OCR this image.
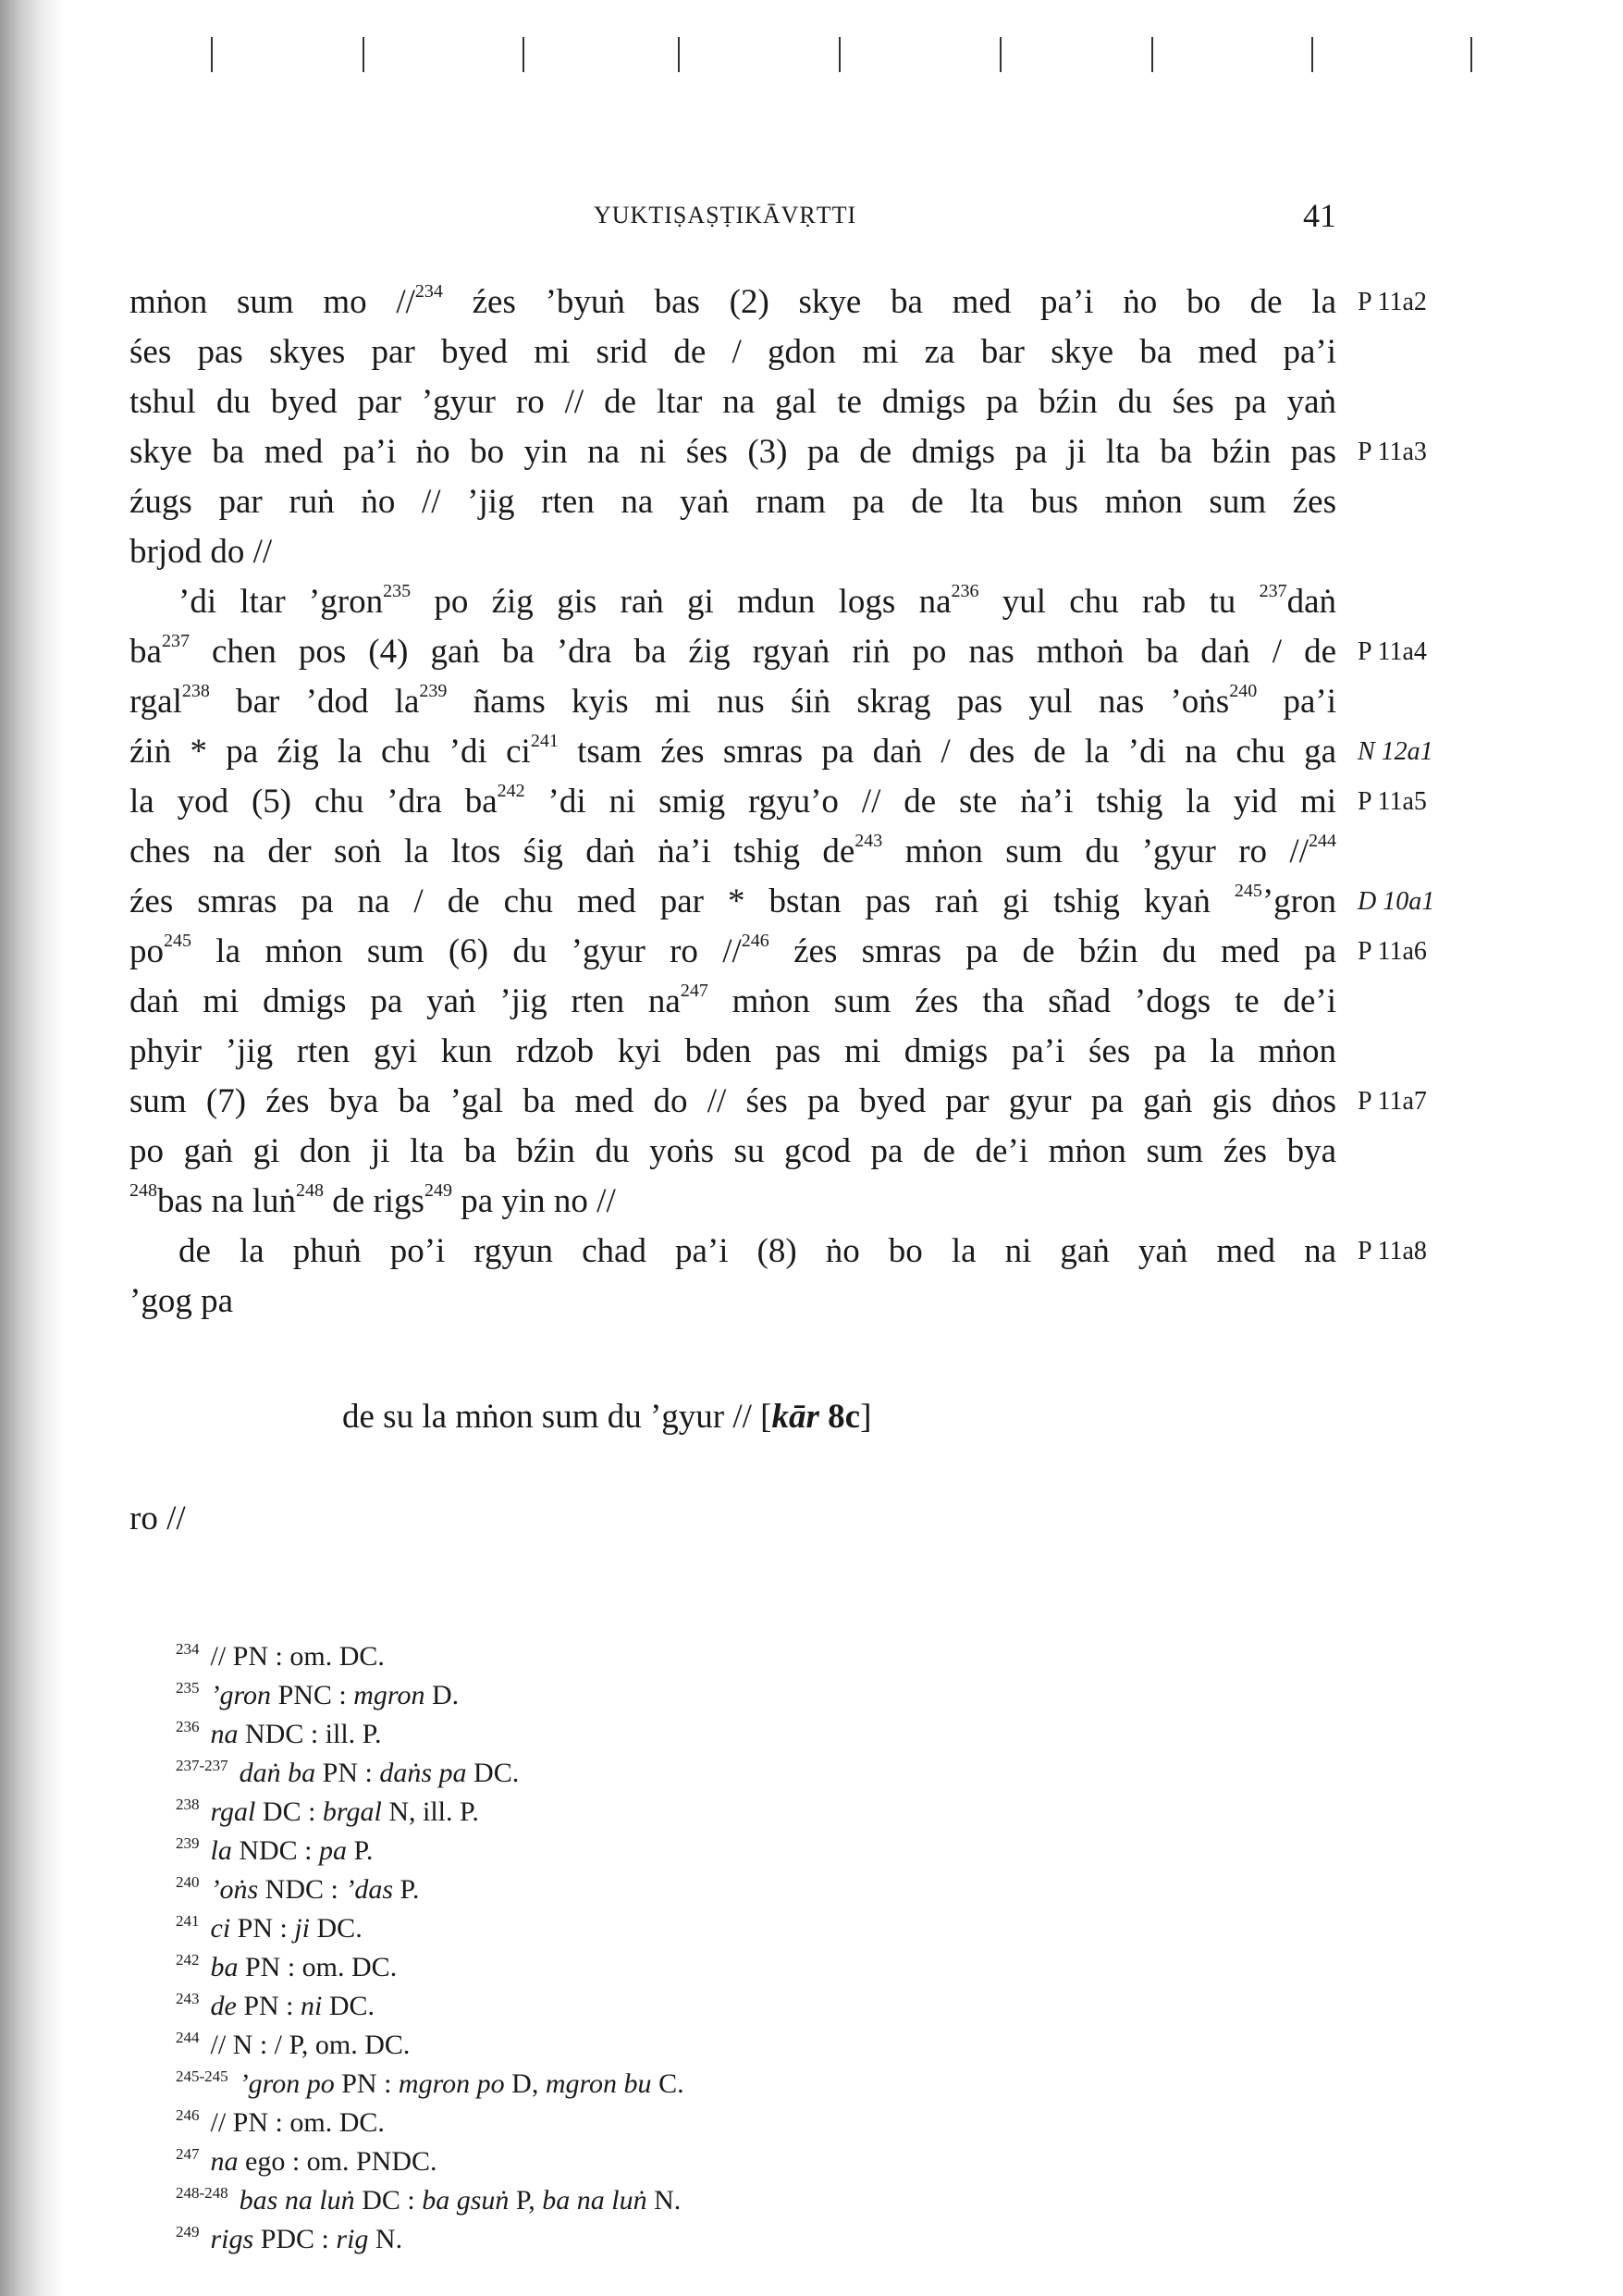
YUKTIṢAṢṬIKĀVṚTTI	41
mṅon sum mo //$^{234}$ źes ’byuṅ bas (2) skye ba med pa’i ṅo bo de la P 11a2
śes pas skyes par byed mi srid de / gdon mi za bar skye ba med pa’i
tshul du byed par ’gyur ro // de ltar na gal te dmigs pa bźin du śes pa yaṅ
skye ba med pa’i ṅo bo yin na ni śes (3) pa de dmigs pa ji lta ba bźin pas P 11a3
źugs par ruṅ ṅo // ’jig rten na yaṅ rnam pa de lta bus mṅon sum źes
brjod do //
’di ltar ’gron$^{235}$ po źig gis raṅ gi mdun logs $na^{236}$ yul chu rab tu $^{237}$daṅ
$ba^{237}$ chen pos (4) gaṅ ba ’dra ba źig rgyaṅ riṅ po nas mthoṅ ba daṅ / de P 11a4
rgal$^{238}$ bar ’dod $la^{239}$ ñams kyis mi nus śiṅ skrag pas yul nas ’oṅs$^{240}$ pa’i
źiṅ * pa źig la chu ’di $ci^{241}$ tsam źes smras pa daṅ / des de la ’di na chu ga N 12a1
la yod (5) chu ’dra $ba^{242}$ ’di ni smig rgyu’o // de ste ṅa’i tshig la yid mi P 11a5
ches na der soṅ la ltos śig daṅ ṅa’i tshig $de^{243}$ mṅon sum du ’gyur ro //$^{244}$
źes smras pa na / de chu med par * bstan pas raṅ gi tshig kyaṅ $^{245}$’gron D 10a1
$po^{245}$ la mṅon sum (6) du ’gyur ro //$^{246}$ źes smras pa de bźin du med pa P 11a6
daṅ mi dmigs pa yaṅ ’jig rten $na^{247}$ mṅon sum źes tha sñad ’dogs te de’i
phyir ’jig rten gyi kun rdzob kyi bden pas mi dmigs pa’i śes pa la mṅon
sum (7) źes bya ba ’gal ba med do // śes pa byed par gyur pa gaṅ gis dṅos P 11a7
po gaṅ gi don ji lta ba bźin du yoṅs su gcod pa de de’i mṅon sum źes bya
$^{248}$bas na luṅ$^{248}$ de rigs$^{249}$ pa yin no //
de la phuṅ po’i rgyun chad pa’i (8) ṅo bo la ni gaṅ yaṅ med na P 11a8
’gog pa
de su la mṅon sum du ’gyur // [kār 8c]
ro //
$^{234}$ // PN : om. DC.
$^{235}$ ’gron PNC : mgron D.
$^{236}$ na NDC : ill. P.
$^{237-237}$ daṅ ba PN : daṅs pa DC.
$^{238}$ rgal DC : brgal N, ill. P.
$^{239}$ la NDC : pa P.
$^{240}$ ’oṅs NDC : ’das P.
$^{241}$ ci PN : ji DC.
$^{242}$ ba PN : om. DC.
$^{243}$ de PN : ni DC.
$^{244}$ // N : / P, om. DC.
$^{245-245}$ ’gron po PN : mgron po D, mgron bu C.
$^{246}$ // PN : om. DC.
$^{247}$ na ego : om. PNDC.
$^{248-248}$ bas na luṅ DC : ba gsuṅ P, ba na luṅ N.
$^{249}$ rigs PDC : rig N.
